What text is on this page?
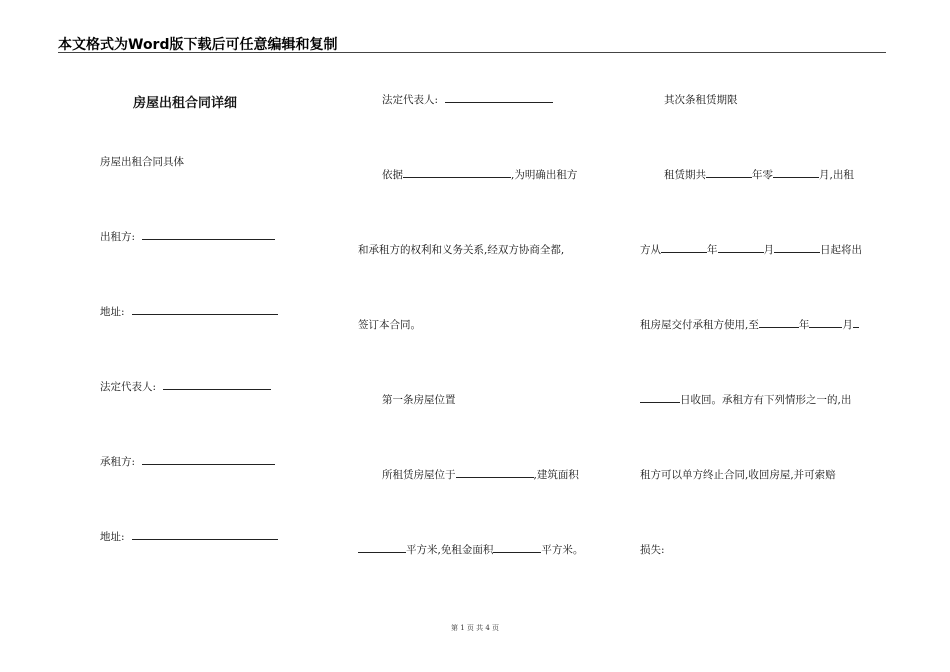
本文格式为Word版下载后可任意编辑和复制
房屋出租合同详细
房屋出租合同具体
出租方:
地址:
法定代表人:
承租方:
地址:
法定代表人:
依据	,为明确出租方
和承租方的权利和义务关系,经双方协商全都,
签订本合同。
第一条房屋位置
所租赁房屋位于	,建筑面积
平方米,免租金面积	平方米。
其次条租赁期限
租赁期共	年零	月,出租
方从	年	月	日起将出
租房屋交付承租方使用,至	年	月
日收回。承租方有下列情形之一的,出
租方可以单方终止合同,收回房屋,并可索赔
损失:
第 1 页 共 4 页
